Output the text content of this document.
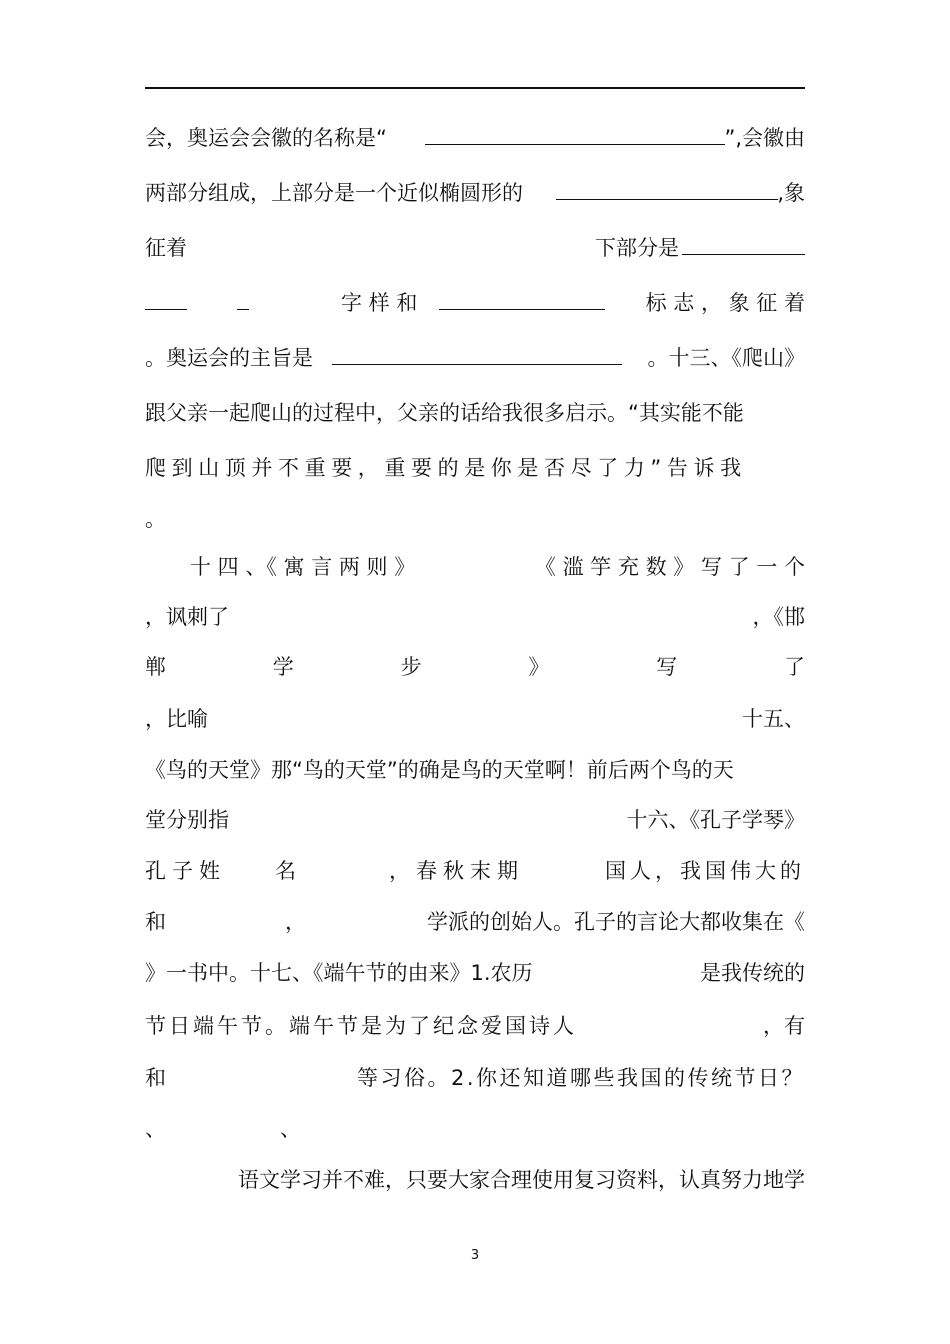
会，奥运会会徽的名称是“	”,会徽由
两部分组成，上部分是一个近似椭圆形的	,象
征着	下部分是
字 样 和	标 志 ， 象 征 着
。奥运会的主旨是	。十三、《爬山》
跟父亲一起爬山的过程中，父亲的话给我很多启示。“其实能不能
爬到山顶并不重要，重要的是你是否尽了力”告诉我
。
十 四 、《 寓 言 两 则 》	《 滥 竽 充 数 》 写 了 一 个
，讽刺了	，《邯
郸	学	步	》	写	了
，比喻	十五、
《鸟的天堂》那“鸟的天堂”的确是鸟的天堂啊！前后两个鸟的天
堂分别指	十六、《孔子学琴》
孔子姓 名	，春秋末期	国人，我国伟大的
和	，	学派的创始人。孔子的言论大都收集在《
》一书中。十七、《端午节的由来》1.农历	是我传统的
节日端午节。端午节是为了纪念爱国诗人	，有
和	等习俗。2.你还知道哪些我国的传统节日？
、	、
语文学习并不难，只要大家合理使用复习资料，认真努力地学
3
